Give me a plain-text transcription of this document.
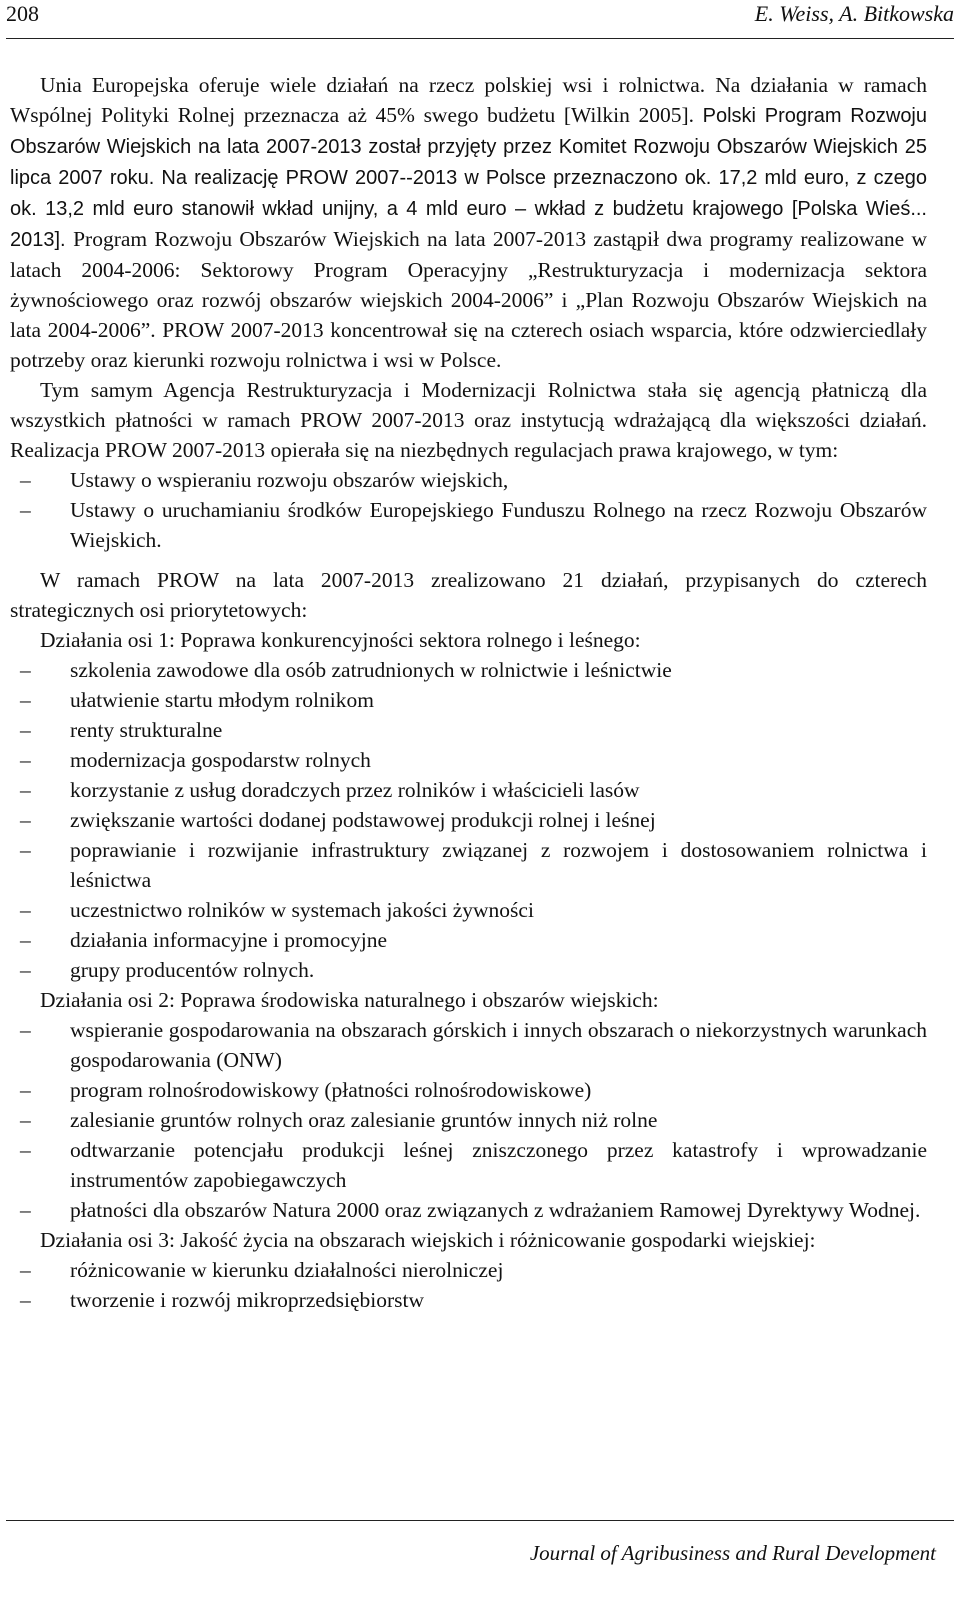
208	E. Weiss, A. Bitkowska

Unia Europejska oferuje wiele działań na rzecz polskiej wsi i rolnictwa. Na działania w ramach Wspólnej Polityki Rolnej przeznacza aż 45% swego budżetu [Wilkin 2005]. Polski Program Rozwoju Obszarów Wiejskich na lata 2007-2013 został przyjęty przez Komitet Rozwoju Obszarów Wiejskich 25 lipca 2007 roku. Na realizację PROW 2007--2013 w Polsce przeznaczono ok. 17,2 mld euro, z czego ok. 13,2 mld euro stanowił wkład unijny, a 4 mld euro – wkład z budżetu krajowego [Polska Wieś... 2013]. Program Rozwoju Obszarów Wiejskich na lata 2007-2013 zastąpił dwa programy realizowane w latach 2004-2006: Sektorowy Program Operacyjny „Restrukturyzacja i modernizacja sektora żywnościowego oraz rozwój obszarów wiejskich 2004-2006” i „Plan Rozwoju Obszarów Wiejskich na lata 2004-2006”. PROW 2007-2013 koncentrował się na czterech osiach wsparcia, które odzwierciedlały potrzeby oraz kierunki rozwoju rolnictwa i wsi w Polsce.

Tym samym Agencja Restrukturyzacja i Modernizacji Rolnictwa stała się agencją płatniczą dla wszystkich płatności w ramach PROW 2007-2013 oraz instytucją wdrażającą dla większości działań. Realizacja PROW 2007-2013 opierała się na niezbędnych regulacjach prawa krajowego, w tym:

–	Ustawy o wspieraniu rozwoju obszarów wiejskich,
–	Ustawy o uruchamianiu środków Europejskiego Funduszu Rolnego na rzecz Rozwoju Obszarów Wiejskich.

W ramach PROW na lata 2007-2013 zrealizowano 21 działań, przypisanych do czterech strategicznych osi priorytetowych:

Działania osi 1: Poprawa konkurencyjności sektora rolnego i leśnego:

–	szkolenia zawodowe dla osób zatrudnionych w rolnictwie i leśnictwie
–	ułatwienie startu młodym rolnikom
–	renty strukturalne
–	modernizacja gospodarstw rolnych
–	korzystanie z usług doradczych przez rolników i właścicieli lasów
–	zwiększanie wartości dodanej podstawowej produkcji rolnej i leśnej
–	poprawianie i rozwijanie infrastruktury związanej z rozwojem i dostosowaniem rolnictwa i leśnictwa
–	uczestnictwo rolników w systemach jakości żywności
–	działania informacyjne i promocyjne
–	grupy producentów rolnych.

Działania osi 2: Poprawa środowiska naturalnego i obszarów wiejskich:

–	wspieranie gospodarowania na obszarach górskich i innych obszarach o niekorzystnych warunkach gospodarowania (ONW)
–	program rolnośrodowiskowy (płatności rolnośrodowiskowe)
–	zalesianie gruntów rolnych oraz zalesianie gruntów innych niż rolne
–	odtwarzanie potencjału produkcji leśnej zniszczonego przez katastrofy i wprowadzanie instrumentów zapobiegawczych
–	płatności dla obszarów Natura 2000 oraz związanych z wdrażaniem Ramowej Dyrektywy Wodnej.

Działania osi 3: Jakość życia na obszarach wiejskich i różnicowanie gospodarki wiejskiej:

–	różnicowanie w kierunku działalności nierolniczej
–	tworzenie i rozwój mikroprzedsiębiorstw
Journal of Agribusiness and Rural Development
